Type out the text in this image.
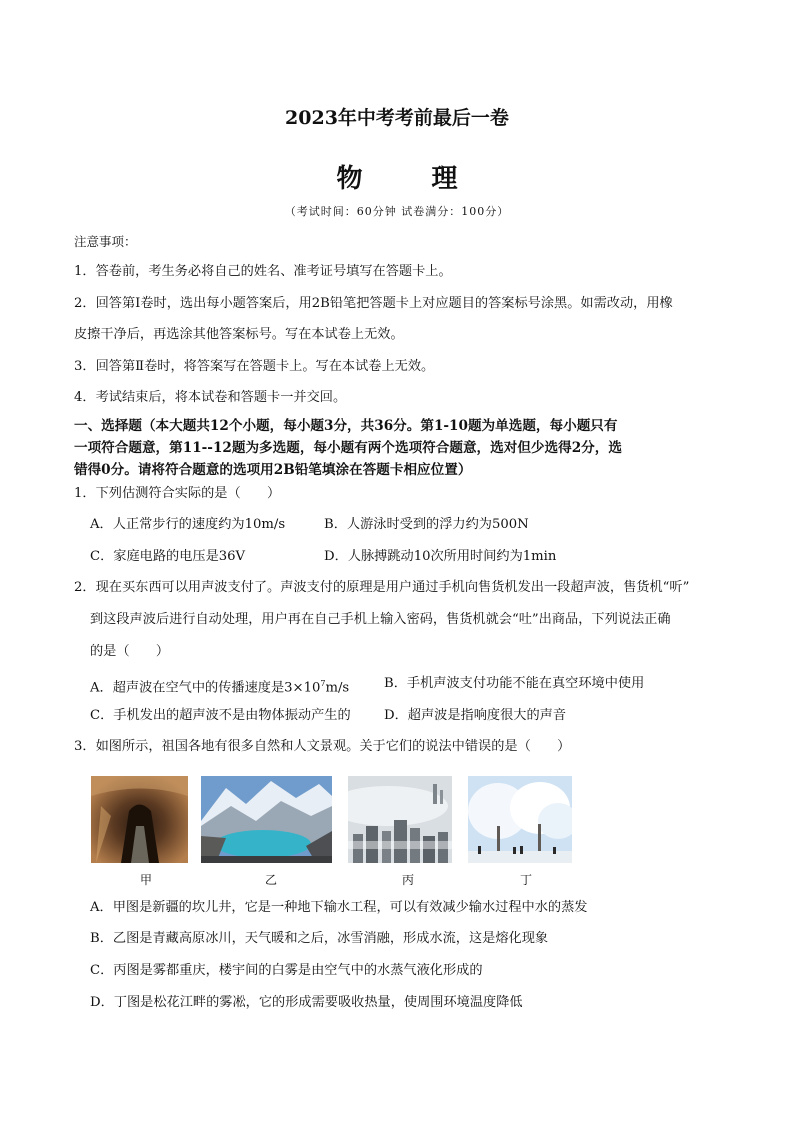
2023年中考考前最后一卷
物 理
（考试时间：60分钟 试卷满分：100分）
注意事项：
1．答卷前，考生务必将自己的姓名、准考证号填写在答题卡上。
2．回答第Ⅰ卷时，选出每小题答案后，用2B铅笔把答题卡上对应题目的答案标号涂黑。如需改动，用橡
皮擦干净后，再选涂其他答案标号。写在本试卷上无效。
3．回答第Ⅱ卷时，将答案写在答题卡上。写在本试卷上无效。
4．考试结束后，将本试卷和答题卡一并交回。
一、选择题（本大题共12个小题，每小题3分，共36分。第1-10题为单选题，每小题只有
一项符合题意，第11--12题为多选题，每小题有两个选项符合题意，选对但少选得2分，选
错得0分。请将符合题意的选项用2B铅笔填涂在答题卡相应位置）
1．下列估测符合实际的是（　　）
A．人正常步行的速度约为10m/s	B．人游泳时受到的浮力约为500N
C．家庭电路的电压是36V	D．人脉搏跳动10次所用时间约为1min
2．现在买东西可以用声波支付了。声波支付的原理是用户通过手机向售货机发出一段超声波，售货机“听”
到这段声波后进行自动处理，用户再在自己手机上输入密码，售货机就会“吐”出商品，下列说法正确
的是（　　）
A．超声波在空气中的传播速度是$3\times 10^7m/s$	B．手机声波支付功能不能在真空环境中使用
C．手机发出的超声波不是由物体振动产生的	D．超声波是指响度很大的声音
3．如图所示，祖国各地有很多自然和人文景观。关于它们的说法中错误的是（　　）
甲	乙	丙	丁
A．甲图是新疆的坎儿井，它是一种地下输水工程，可以有效减少输水过程中水的蒸发
B．乙图是青藏高原冰川，天气暖和之后，冰雪消融，形成水流，这是熔化现象
C．丙图是雾都重庆，楼宇间的白雾是由空气中的水蒸气液化形成的
D．丁图是松花江畔的雾凇，它的形成需要吸收热量，使周围环境温度降低
